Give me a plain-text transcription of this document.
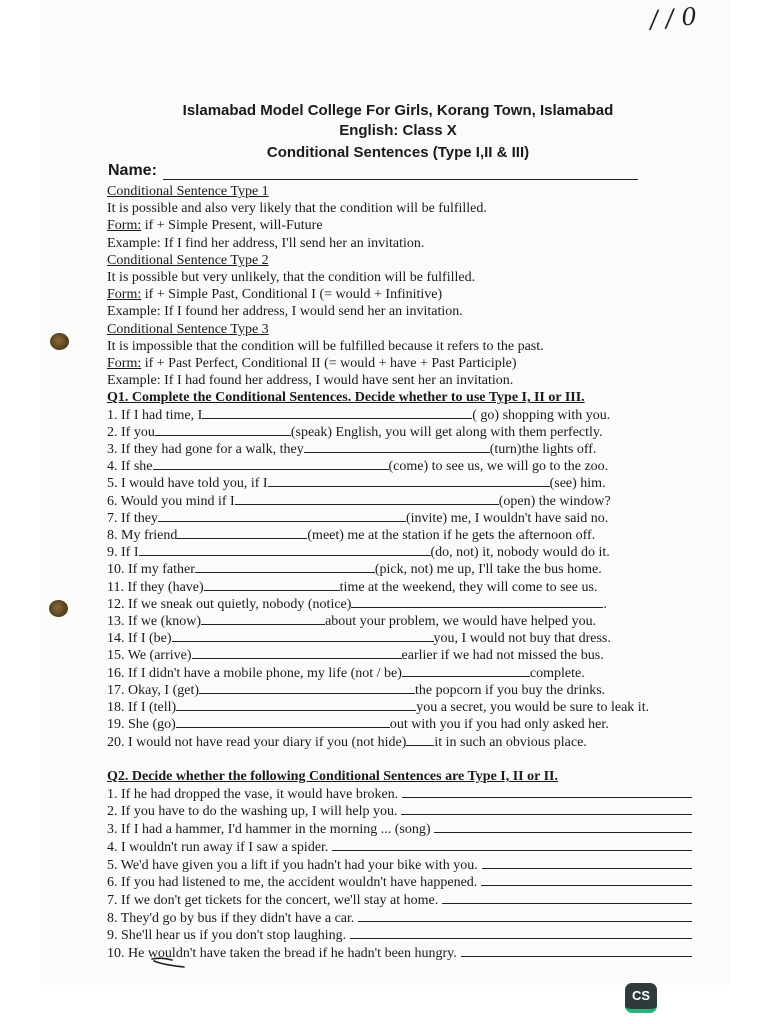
/ / 0
Islamabad Model College For Girls, Korang Town, Islamabad
English: Class X
Conditional Sentences (Type I,II & III)
Name:
Conditional Sentence Type 1
It is possible and also very likely that the condition will be fulfilled.
Form: if + Simple Present, will-Future
Example: If I find her address, I'll send her an invitation.
Conditional Sentence Type 2
It is possible but very unlikely, that the condition will be fulfilled.
Form: if + Simple Past, Conditional I (= would + Infinitive)
Example: If I found her address, I would send her an invitation.
Conditional Sentence Type 3
It is impossible that the condition will be fulfilled because it refers to the past.
Form: if + Past Perfect, Conditional II (= would + have + Past Participle)
Example: If I had found her address, I would have sent her an invitation.
Q1. Complete the Conditional Sentences. Decide whether to use Type I, II or III.
1. If I had time, I	( go) shopping with you.
2. If you	(speak) English, you will get along with them perfectly.
3. If they had gone for a walk, they	(turn)the lights off.
4. If she	(come) to see us, we will go to the zoo.
5. I would have told you, if I	(see) him.
6. Would you mind if I	(open) the window?
7. If they	(invite) me, I wouldn't have said no.
8. My friend	(meet) me at the station if he gets the afternoon off.
9. If I	(do, not) it, nobody would do it.
10. If my father	(pick, not) me up, I'll take the bus home.
11. If they (have)	time at the weekend, they will come to see us.
12. If we sneak out quietly, nobody (notice)	.
13. If we (know)	about your problem, we would have helped you.
14. If I (be)	you, I would not buy that dress.
15. We (arrive)	earlier if we had not missed the bus.
16. If I didn't have a mobile phone, my life (not / be)	complete.
17. Okay, I (get)	the popcorn if you buy the drinks.
18. If I (tell)	you a secret, you would be sure to leak it.
19. She (go)	out with you if you had only asked her.
20. I would not have read your diary if you (not hide) it in such an obvious place.
Q2. Decide whether the following Conditional Sentences are Type I, II or II.
1. If he had dropped the vase, it would have broken.
2. If you have to do the washing up, I will help you.
3. If I had a hammer, I'd hammer in the morning ... (song)
4. I wouldn't run away if I saw a spider.
5. We'd have given you a lift if you hadn't had your bike with you.
6. If you had listened to me, the accident wouldn't have happened.
7. If we don't get tickets for the concert, we'll stay at home.
8. They'd go by bus if they didn't have a car.
9. She'll hear us if you don't stop laughing.
10. He wouldn't have taken the bread if he hadn't been hungry.
CS
